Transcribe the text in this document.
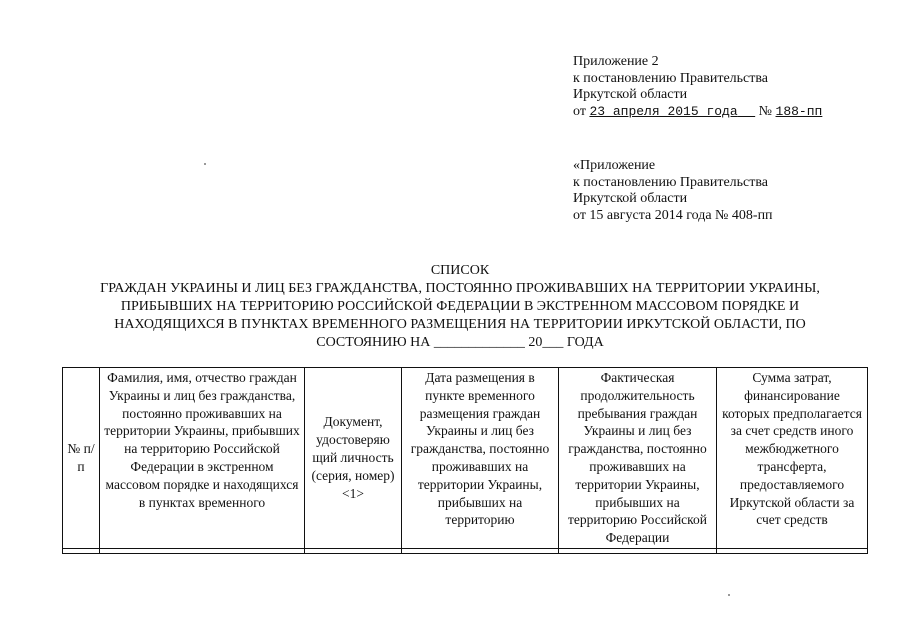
Приложение 2
к постановлению Правительства
Иркутской области
от 23 апреля 2015 года № 188-пп
«Приложение
к постановлению Правительства
Иркутской области
от 15 августа 2014 года № 408-пп
СПИСОК
ГРАЖДАН УКРАИНЫ И ЛИЦ БЕЗ ГРАЖДАНСТВА, ПОСТОЯННО ПРОЖИВАВШИХ НА ТЕРРИТОРИИ УКРАИНЫ,
ПРИБЫВШИХ НА ТЕРРИТОРИЮ РОССИЙСКОЙ ФЕДЕРАЦИИ В ЭКСТРЕННОМ МАССОВОМ ПОРЯДКЕ И
НАХОДЯЩИХСЯ В ПУНКТАХ ВРЕМЕННОГО РАЗМЕЩЕНИЯ НА ТЕРРИТОРИИ ИРКУТСКОЙ ОБЛАСТИ, ПО
СОСТОЯНИЮ НА _____________ 20___ ГОДА
№ п/п	Фамилия, имя, отчество граждан Украины и лиц без гражданства, постоянно проживавших на территории Украины, прибывших на территорию Российской Федерации в экстренном массовом порядке и находящихся в пунктах временного	Документ, удостоверяю щий личность (серия, номер) <1>	Дата размещения в пункте временного размещения граждан Украины и лиц без гражданства, постоянно проживавших на территории Украины, прибывших на территорию	Фактическая продолжительность пребывания граждан Украины и лиц без гражданства, постоянно проживавших на территории Украины, прибывших на территорию Российской Федерации	Сумма затрат, финансирование которых предполагается за счет средств иного межбюджетного трансферта, предоставляемого Иркутской области за счет средств
